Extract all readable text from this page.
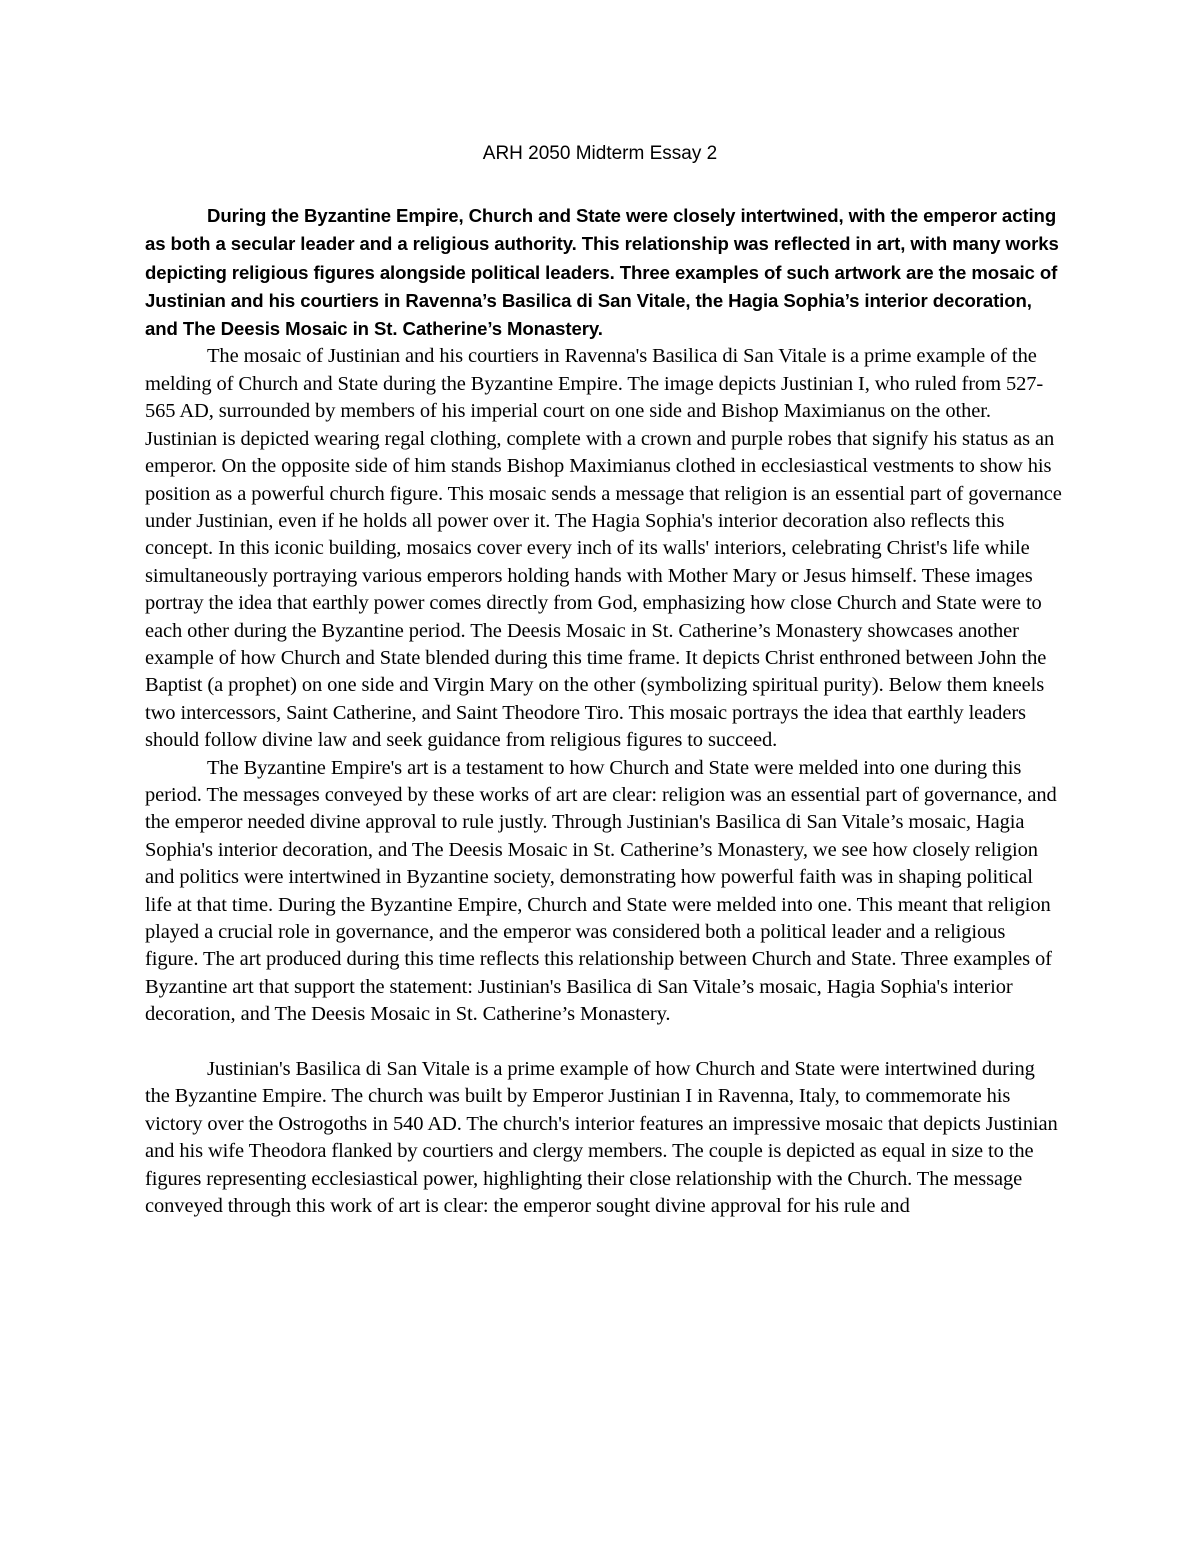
ARH 2050 Midterm Essay 2

During the Byzantine Empire, Church and State were closely intertwined, with the emperor acting as both a secular leader and a religious authority. This relationship was reflected in art, with many works depicting religious figures alongside political leaders. Three examples of such artwork are the mosaic of Justinian and his courtiers in Ravenna’s Basilica di San Vitale, the Hagia Sophia’s interior decoration, and The Deesis Mosaic in St. Catherine’s Monastery.

The mosaic of Justinian and his courtiers in Ravenna's Basilica di San Vitale is a prime example of the melding of Church and State during the Byzantine Empire. The image depicts Justinian I, who ruled from 527-565 AD, surrounded by members of his imperial court on one side and Bishop Maximianus on the other. Justinian is depicted wearing regal clothing, complete with a crown and purple robes that signify his status as an emperor. On the opposite side of him stands Bishop Maximianus clothed in ecclesiastical vestments to show his position as a powerful church figure. This mosaic sends a message that religion is an essential part of governance under Justinian, even if he holds all power over it. The Hagia Sophia's interior decoration also reflects this concept. In this iconic building, mosaics cover every inch of its walls' interiors, celebrating Christ's life while simultaneously portraying various emperors holding hands with Mother Mary or Jesus himself. These images portray the idea that earthly power comes directly from God, emphasizing how close Church and State were to each other during the Byzantine period. The Deesis Mosaic in St. Catherine’s Monastery showcases another example of how Church and State blended during this time frame. It depicts Christ enthroned between John the Baptist (a prophet) on one side and Virgin Mary on the other (symbolizing spiritual purity). Below them kneels two intercessors, Saint Catherine, and Saint Theodore Tiro. This mosaic portrays the idea that earthly leaders should follow divine law and seek guidance from religious figures to succeed.

The Byzantine Empire's art is a testament to how Church and State were melded into one during this period. The messages conveyed by these works of art are clear: religion was an essential part of governance, and the emperor needed divine approval to rule justly. Through Justinian's Basilica di San Vitale’s mosaic, Hagia Sophia's interior decoration, and The Deesis Mosaic in St. Catherine’s Monastery, we see how closely religion and politics were intertwined in Byzantine society, demonstrating how powerful faith was in shaping political life at that time. During the Byzantine Empire, Church and State were melded into one. This meant that religion played a crucial role in governance, and the emperor was considered both a political leader and a religious figure. The art produced during this time reflects this relationship between Church and State. Three examples of Byzantine art that support the statement: Justinian's Basilica di San Vitale’s mosaic, Hagia Sophia's interior decoration, and The Deesis Mosaic in St. Catherine’s Monastery.

Justinian's Basilica di San Vitale is a prime example of how Church and State were intertwined during the Byzantine Empire. The church was built by Emperor Justinian I in Ravenna, Italy, to commemorate his victory over the Ostrogoths in 540 AD. The church's interior features an impressive mosaic that depicts Justinian and his wife Theodora flanked by courtiers and clergy members. The couple is depicted as equal in size to the figures representing ecclesiastical power, highlighting their close relationship with the Church. The message conveyed through this work of art is clear: the emperor sought divine approval for his rule and
